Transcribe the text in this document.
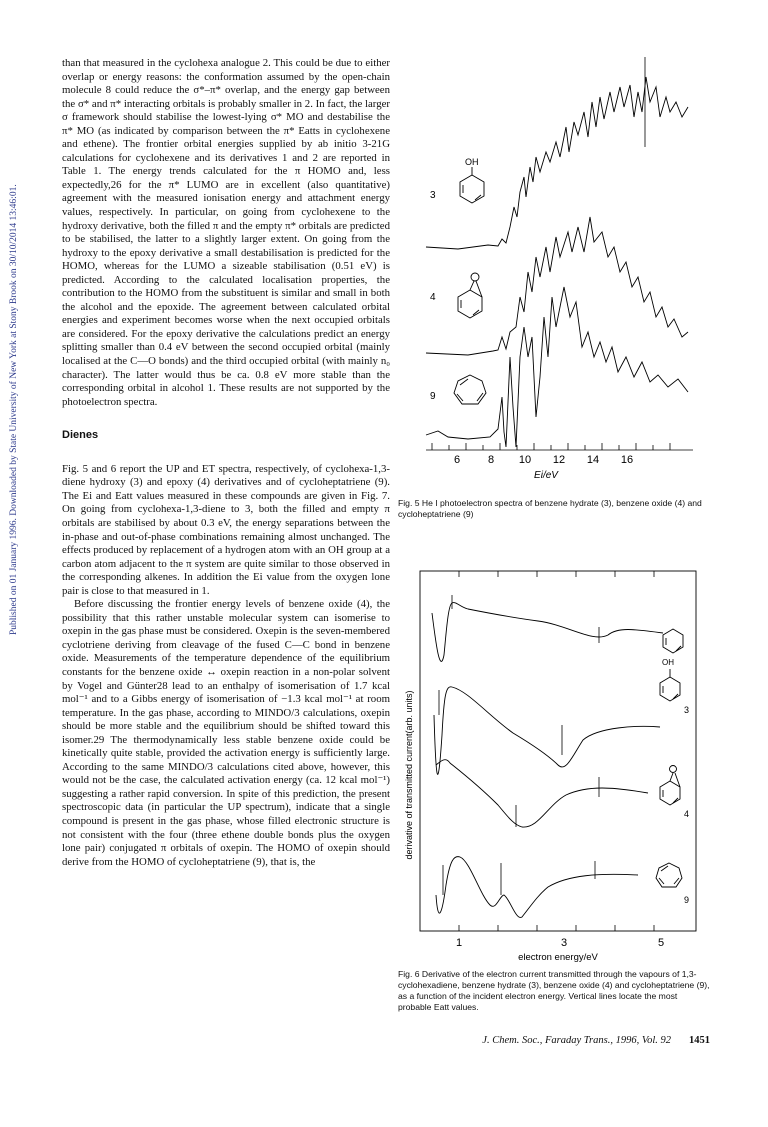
Published on 01 January 1996. Downloaded by State University of New York at Stony Brook on 30/10/2014 13:46:01.

than that measured in the cyclohexa analogue 2. This could be due to either overlap or energy reasons: the conformation assumed by the open-chain molecule 8 could reduce the σ*–π* overlap, and the energy gap between the σ* and π* interacting orbitals is probably smaller in 2. In fact, the larger σ framework should stabilise the lowest-lying σ* MO and destabilise the π* MO (as indicated by comparison between the π* Eatts in cyclohexene and ethene). The frontier orbital energies supplied by ab initio 3-21G calculations for cyclohexene and its derivatives 1 and 2 are reported in Table 1. The energy trends calculated for the π HOMO and, less expectedly,26 for the π* LUMO are in excellent (also quantitative) agreement with the measured ionisation energy and attachment energy values, respectively. In particular, on going from cyclohexene to the hydroxy derivative, both the filled π and the empty π* orbitals are predicted to be stabilised, the latter to a slightly larger extent. On going from the hydroxy to the epoxy derivative a small destabilisation is predicted for the HOMO, whereas for the LUMO a sizeable stabilisation (0.51 eV) is predicted. According to the calculated localisation properties, the contribution to the HOMO from the substituent is similar and small in both the alcohol and the epoxide. The agreement between calculated orbital energies and experiment becomes worse when the next occupied orbitals are considered. For the epoxy derivative the calculations predict an energy splitting smaller than 0.4 eV between the second occupied orbital (mainly localised at the C—O bonds) and the third occupied orbital (with mainly n₀ character). The latter would thus be ca. 0.8 eV more stable than the corresponding orbital in alcohol 1. These results are not supported by the photoelectron spectra.

Dienes

Fig. 5 and 6 report the UP and ET spectra, respectively, of cyclohexa-1,3-diene hydroxy (3) and epoxy (4) derivatives and of cycloheptatriene (9). The Ei and Eatt values measured in these compounds are given in Fig. 7. On going from cyclohexa-1,3-diene to 3, both the filled and empty π orbitals are stabilised by about 0.3 eV, the energy separations between the in-phase and out-of-phase combinations remaining almost unchanged. The effects produced by replacement of a hydrogen atom with an OH group at a carbon atom adjacent to the π system are quite similar to those observed in the corresponding alkenes. In addition the Ei value from the oxygen lone pair is close to that measured in 1.

Before discussing the frontier energy levels of benzene oxide (4), the possibility that this rather unstable molecular system can isomerise to oxepin in the gas phase must be considered. Oxepin is the seven-membered cyclotriene deriving from cleavage of the fused C—C bond in benzene oxide. Measurements of the temperature dependence of the equilibrium constants for the benzene oxide ↔ oxepin reaction in a non-polar solvent by Vogel and Günter28 lead to an enthalpy of isomerisation of 1.7 kcal mol⁻¹ and to a Gibbs energy of isomerisation of −1.3 kcal mol⁻¹ at room temperature. In the gas phase, according to MINDO/3 calculations, oxepin should be more stable and the equilibrium should be shifted toward this isomer.29 The thermodynamically less stable benzene oxide could be kinetically quite stable, provided the activation energy is sufficiently large. According to the same MINDO/3 calculations cited above, however, this would not be the case, the calculated activation energy (ca. 12 kcal mol⁻¹) suggesting a rather rapid conversion. In spite of this prediction, the present spectroscopic data (in particular the UP spectrum), indicate that a single compound is present in the gas phase, whose filled electronic structure is not consistent with the four (three ethene double bonds plus the oxygen lone pair) conjugated π orbitals of oxepin. The HOMO of oxepin should derive from the HOMO of cycloheptatriene (9), that is, the

6	8 10 12 14 16
Ei/eV
3
OH
4
9
Fig. 5 He I photoelectron spectra of benzene hydrate (3), benzene oxide (4) and cycloheptatriene (9)
derivative of transmitted current(arb. units)
OH
3
4
9
1	3	5
electron energy/eV
Fig. 6 Derivative of the electron current transmitted through the vapours of 1,3-cyclohexadiene, benzene hydrate (3), benzene oxide (4) and cycloheptatriene (9), as a function of the incident electron energy. Vertical lines locate the most probable Eatt values.
J. Chem. Soc., Faraday Trans., 1996, Vol. 92 1451
